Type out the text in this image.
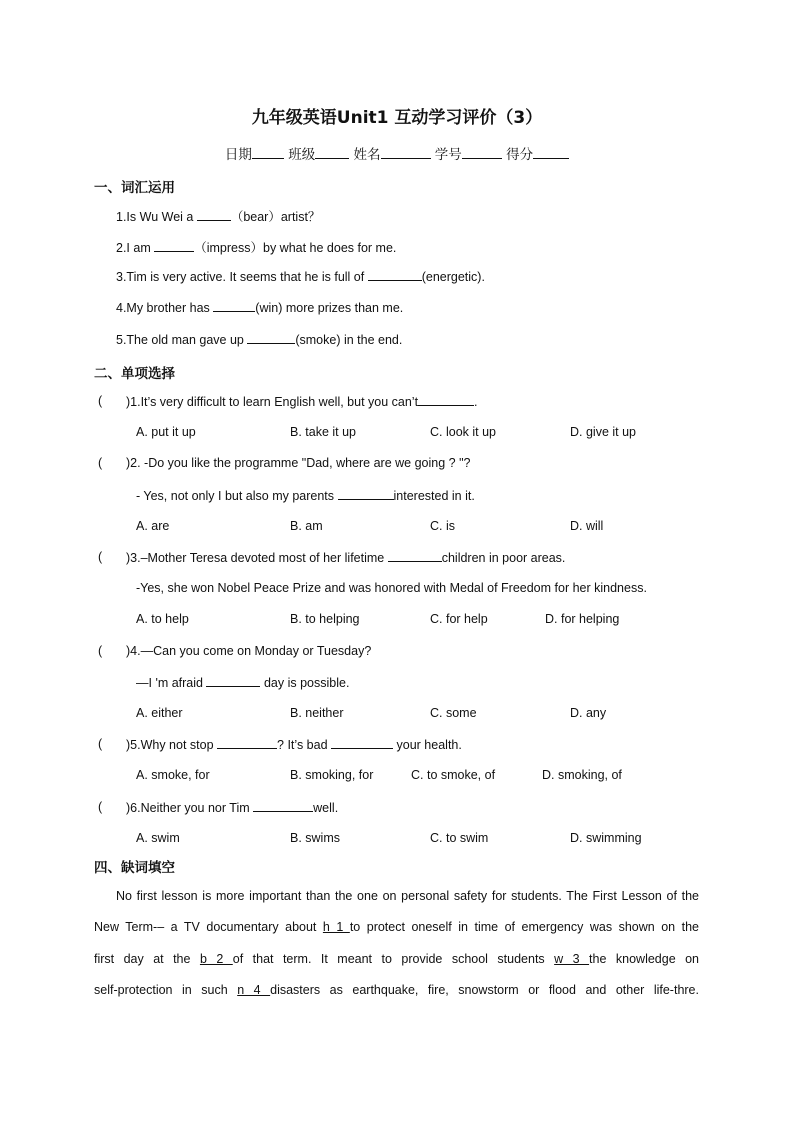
九年级英语Unit1 互动学习评价（3）
日期	班级	姓名	学号	得分
一、词汇运用
1.Is Wu Wei a	（bear）artist？
2.I am	（impress）by what he does for me.
3.Tim is very active. It seems that he is full of	(energetic).
4.My brother has	(win) more prizes than me.
5.The old man gave up	(smoke) in the end.
二、单项选择
( )1.It’s very difficult to learn English well, but you can’t	.
A. put it up	B. take it up	C. look it up	D. give it up
( )2. -Do you like the programme "Dad, where are we going ? "?
- Yes, not only I but also my parents	interested in it.
A. are	B. am	C. is	D. will
( )3.–Mother Teresa devoted most of her lifetime	children in poor areas.
-Yes, she won Nobel Peace Prize and was honored with Medal of Freedom for her kindness.
A. to help	B. to helping	C. for help	D. for helping
( )4.—Can you come on Monday or Tuesday?
—I 'm afraid	day is possible.
A. either	B. neither	C. some	D. any
( )5.Why not stop	? It’s bad	your health.
A. smoke, for	B. smoking, for	C. to smoke, of	D. smoking, of
( )6.Neither you nor Tim	well.
A. swim	B. swims	C. to swim	D. swimming
四、缺词填空
No first lesson is more important than the one on personal safety for students. The First Lesson of the
New Term-– a TV documentary about h 1 to protect oneself in time of emergency was shown on the
first day at the b 2 of that term. It meant to provide school students w 3 the knowledge on
self-protection in such n 4 disasters as earthquake, fire, snowstorm or flood and other life-thre.
